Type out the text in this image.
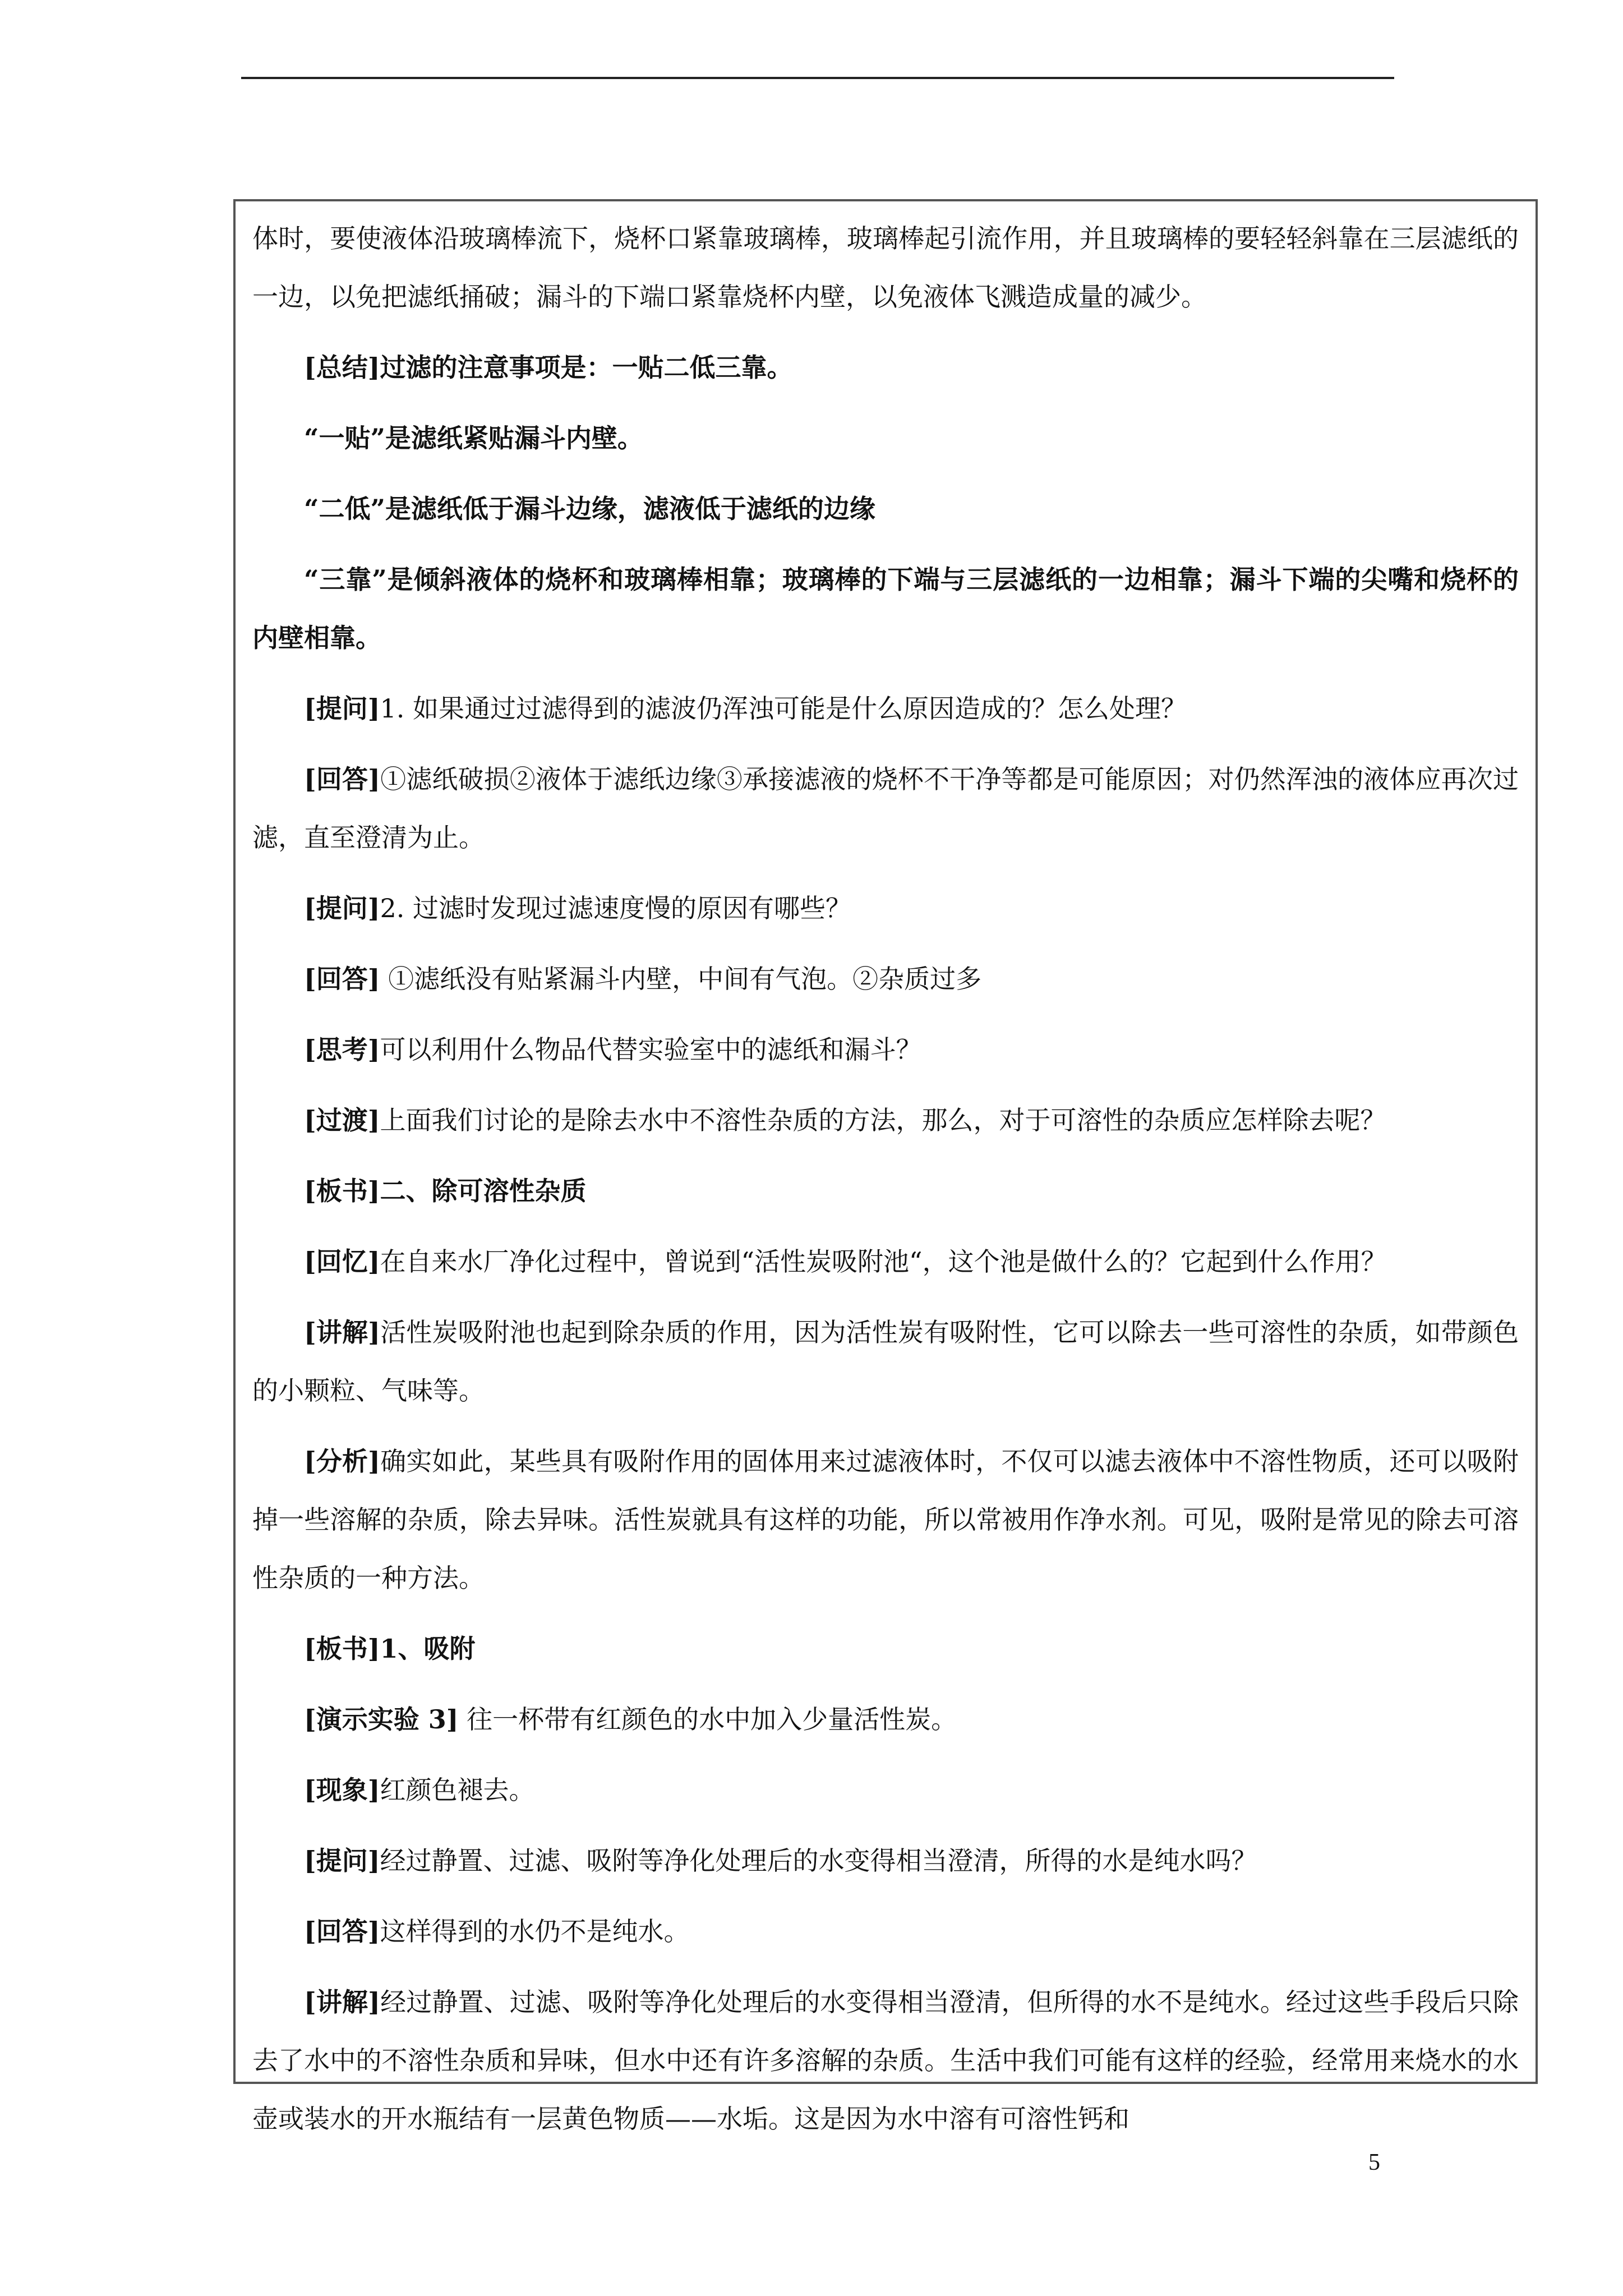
体时，要使液体沿玻璃棒流下，烧杯口紧靠玻璃棒，玻璃棒起引流作用，并且玻璃棒的要轻轻斜靠在三层滤纸的一边，以免把滤纸捅破；漏斗的下端口紧靠烧杯内壁，以免液体飞溅造成量的减少。

[总结]过滤的注意事项是：一贴二低三靠。

“一贴”是滤纸紧贴漏斗内壁。

“二低”是滤纸低于漏斗边缘，滤液低于滤纸的边缘

“三靠”是倾斜液体的烧杯和玻璃棒相靠；玻璃棒的下端与三层滤纸的一边相靠；漏斗下端的尖嘴和烧杯的内壁相靠。

[提问]1. 如果通过过滤得到的滤波仍浑浊可能是什么原因造成的？怎么处理？

[回答]①滤纸破损②液体于滤纸边缘③承接滤液的烧杯不干净等都是可能原因；对仍然浑浊的液体应再次过滤，直至澄清为止。

[提问]2. 过滤时发现过滤速度慢的原因有哪些？

[回答] ①滤纸没有贴紧漏斗内壁，中间有气泡。②杂质过多

[思考]可以利用什么物品代替实验室中的滤纸和漏斗？

[过渡]上面我们讨论的是除去水中不溶性杂质的方法，那么，对于可溶性的杂质应怎样除去呢？

[板书]二、除可溶性杂质

[回忆]在自来水厂净化过程中，曾说到“活性炭吸附池“，这个池是做什么的？它起到什么作用？

[讲解]活性炭吸附池也起到除杂质的作用，因为活性炭有吸附性，它可以除去一些可溶性的杂质，如带颜色的小颗粒、气味等。

[分析]确实如此，某些具有吸附作用的固体用来过滤液体时，不仅可以滤去液体中不溶性物质，还可以吸附掉一些溶解的杂质，除去异味。活性炭就具有这样的功能，所以常被用作净水剂。可见，吸附是常见的除去可溶性杂质的一种方法。

[板书]1、吸附

[演示实验 3] 往一杯带有红颜色的水中加入少量活性炭。

[现象]红颜色褪去。

[提问]经过静置、过滤、吸附等净化处理后的水变得相当澄清，所得的水是纯水吗？

[回答]这样得到的水仍不是纯水。

[讲解]经过静置、过滤、吸附等净化处理后的水变得相当澄清，但所得的水不是纯水。经过这些手段后只除去了水中的不溶性杂质和异味，但水中还有许多溶解的杂质。生活中我们可能有这样的经验，经常用来烧水的水壶或装水的开水瓶结有一层黄色物质——水垢。这是因为水中溶有可溶性钙和

5
